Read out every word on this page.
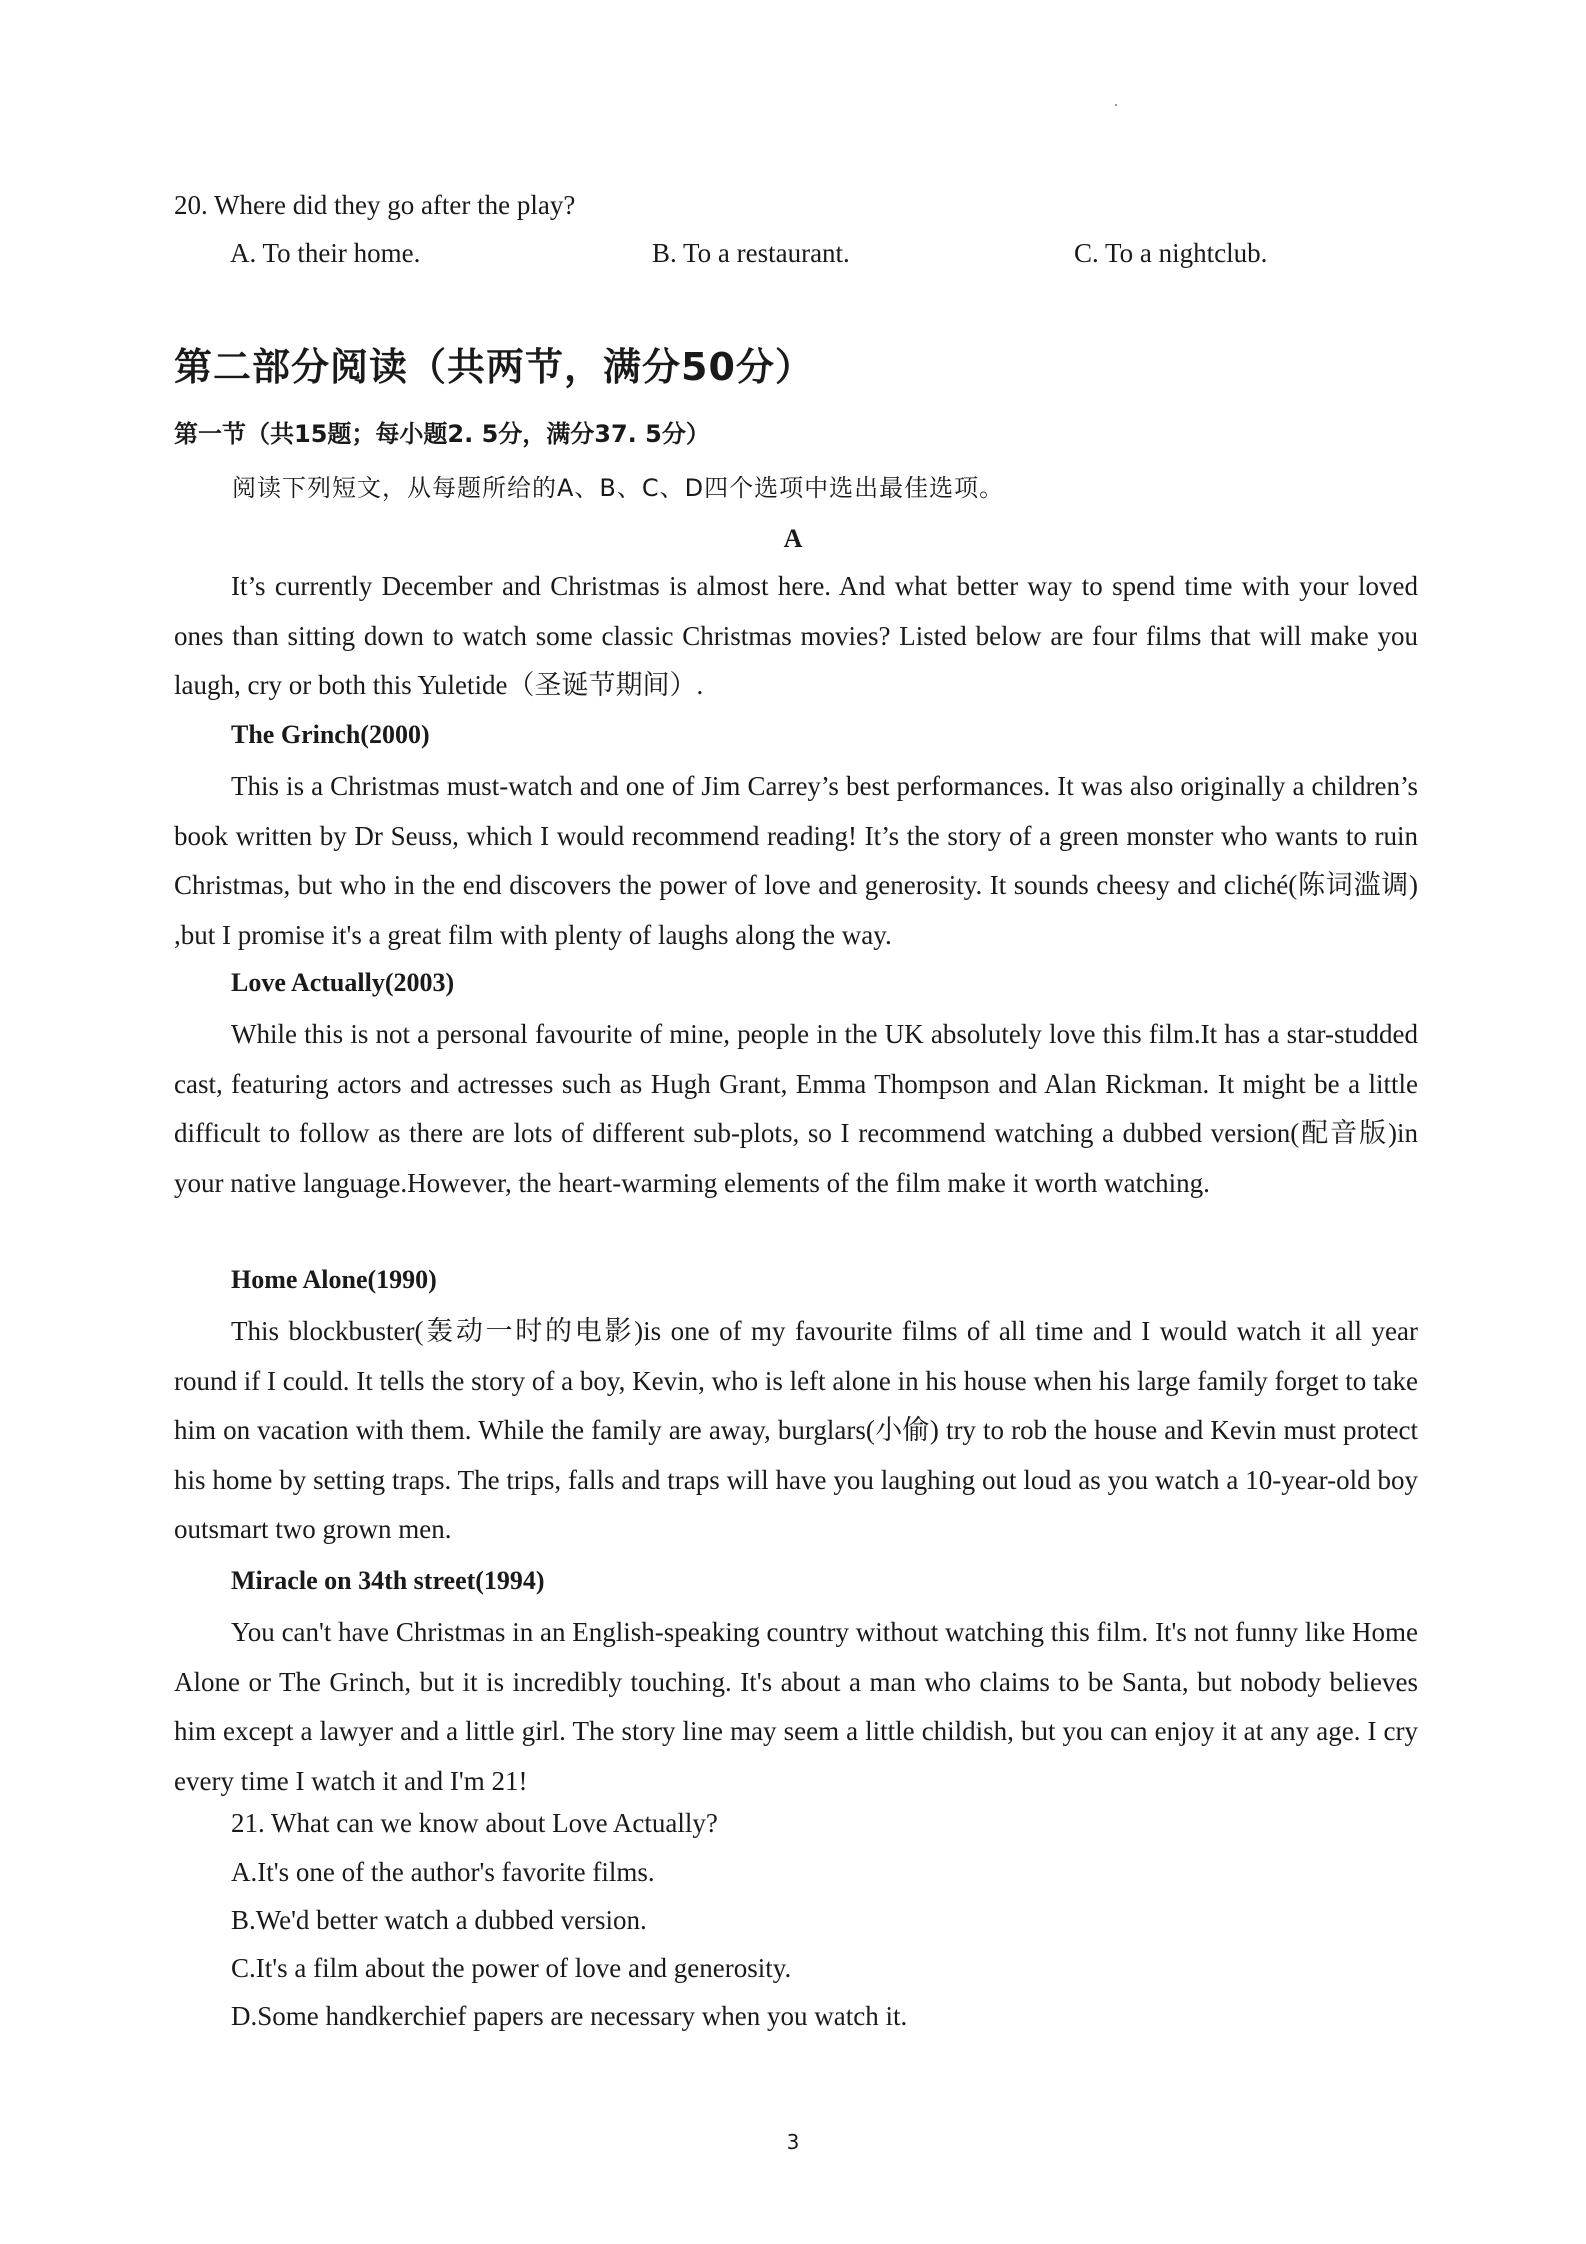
20. Where did they go after the play?
A. To their home.	B. To a restaurant.	C. To a nightclub.
第二部分阅读（共两节，满分50分）
第一节（共15题；每小题2. 5分，满分37. 5分）
阅读下列短文，从每题所给的A、B、C、D四个选项中选出最佳选项。
A

It’s currently December and Christmas is almost here. And what better way to spend time with your loved ones than sitting down to watch some classic Christmas movies? Listed below are four films that will make you laugh, cry or both this Yuletide（圣诞节期间）.

The Grinch(2000)

This is a Christmas must-watch and one of Jim Carrey’s best performances. It was also originally a children’s book written by Dr Seuss, which I would recommend reading! It’s the story of a green monster who wants to ruin Christmas, but who in the end discovers the power of love and generosity. It sounds cheesy and cliché(陈词滥调) ,but I promise it's a great film with plenty of laughs along the way.

Love Actually(2003)

While this is not a personal favourite of mine, people in the UK absolutely love this film.It has a star-studded cast, featuring actors and actresses such as Hugh Grant, Emma Thompson and Alan Rickman. It might be a little difficult to follow as there are lots of different sub-plots, so I recommend watching a dubbed version(配音版)in your native language.However, the heart-warming elements of the film make it worth watching.

Home Alone(1990)

This blockbuster(轰动一时的电影)is one of my favourite films of all time and I would watch it all year round if I could. It tells the story of a boy, Kevin, who is left alone in his house when his large family forget to take him on vacation with them. While the family are away, burglars(小偷) try to rob the house and Kevin must protect his home by setting traps. The trips, falls and traps will have you laughing out loud as you watch a 10-year-old boy outsmart two grown men.

Miracle on 34th street(1994)

You can't have Christmas in an English-speaking country without watching this film. It's not funny like Home Alone or The Grinch, but it is incredibly touching. It's about a man who claims to be Santa, but nobody believes him except a lawyer and a little girl. The story line may seem a little childish, but you can enjoy it at any age. I cry every time I watch it and I'm 21!

21. What can we know about Love Actually?
A.It's one of the author's favorite films.
B.We'd better watch a dubbed version.
C.It's a film about the power of love and generosity.
D.Some handkerchief papers are necessary when you watch it.
3
